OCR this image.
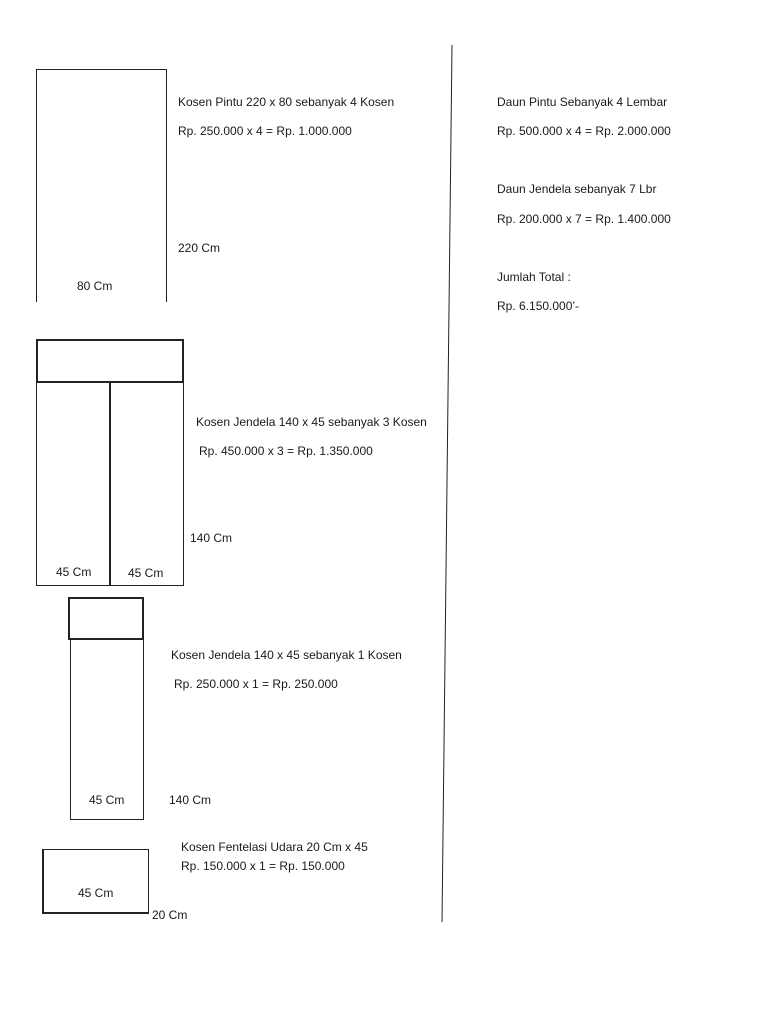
80 Cm
220 Cm
Kosen Pintu 220 x 80 sebanyak 4 Kosen
Rp. 250.000 x 4 = Rp. 1.000.000
45 Cm	45 Cm
140 Cm
Kosen Jendela 140 x 45 sebanyak 3 Kosen
Rp. 450.000 x 3 = Rp. 1.350.000
45 Cm	140 Cm
Kosen Jendela 140 x 45 sebanyak 1 Kosen
Rp. 250.000 x 1 = Rp. 250.000
45 Cm
20 Cm
Kosen Fentelasi Udara 20 Cm x 45
Rp. 150.000 x 1 = Rp. 150.000
Daun Pintu Sebanyak 4 Lembar
Rp. 500.000 x 4 = Rp. 2.000.000
Daun Jendela sebanyak 7 Lbr
Rp. 200.000 x 7 = Rp. 1.400.000
Jumlah Total :
Rp. 6.150.000’-
